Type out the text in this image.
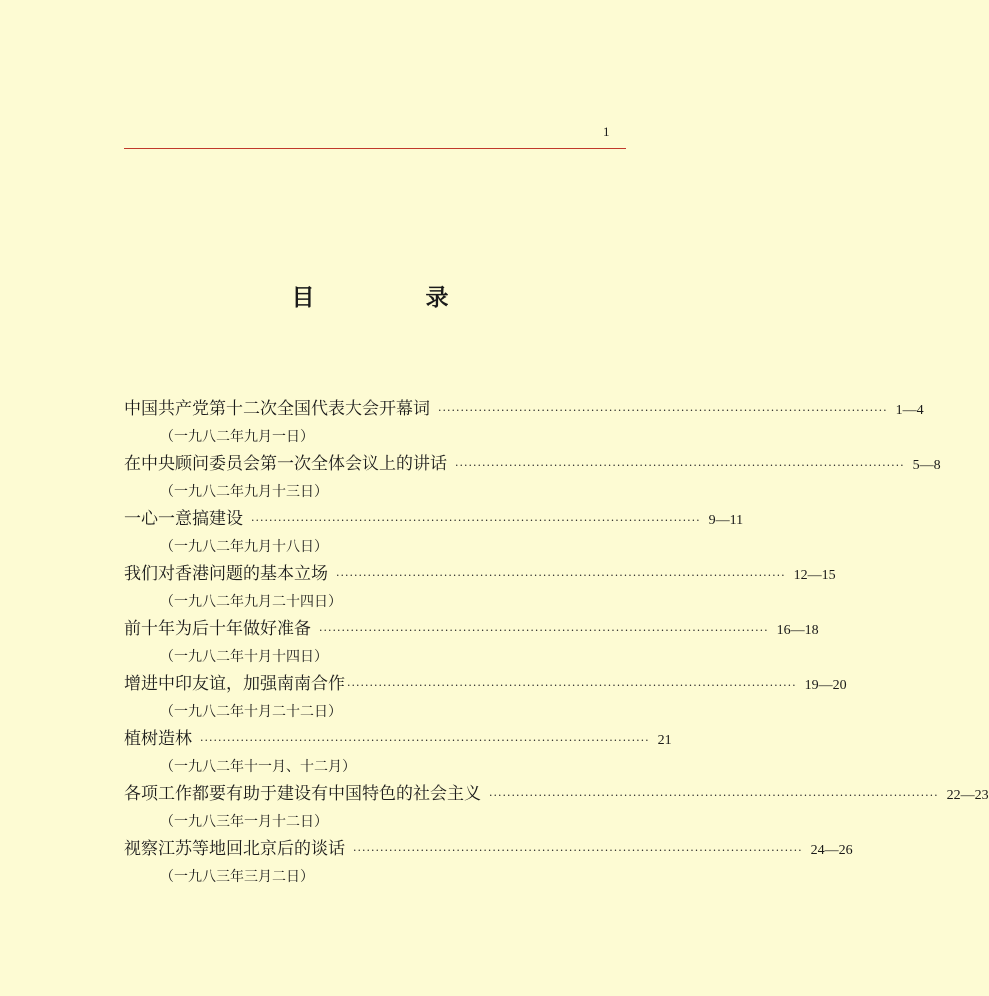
1
目　录
中国共产党第十二次全国代表大会开幕词 ···································································································· 1—4
（一九八二年九月一日）
在中央顾问委员会第一次全体会议上的讲话 ···································································································· 5—8
（一九八二年九月十三日）
一心一意搞建设 ···································································································· 9—11
（一九八二年九月十八日）
我们对香港问题的基本立场 ···································································································· 12—15
（一九八二年九月二十四日）
前十年为后十年做好准备 ···································································································· 16—18
（一九八二年十月十四日）
增进中印友谊，加强南南合作 ···································································································· 19—20
（一九八二年十月二十二日）
植树造林 ···································································································· 21
（一九八二年十一月、十二月）
各项工作都要有助于建设有中国特色的社会主义 ···································································································· 22—23
（一九八三年一月十二日）
视察江苏等地回北京后的谈话 ···································································································· 24—26
（一九八三年三月二日）
